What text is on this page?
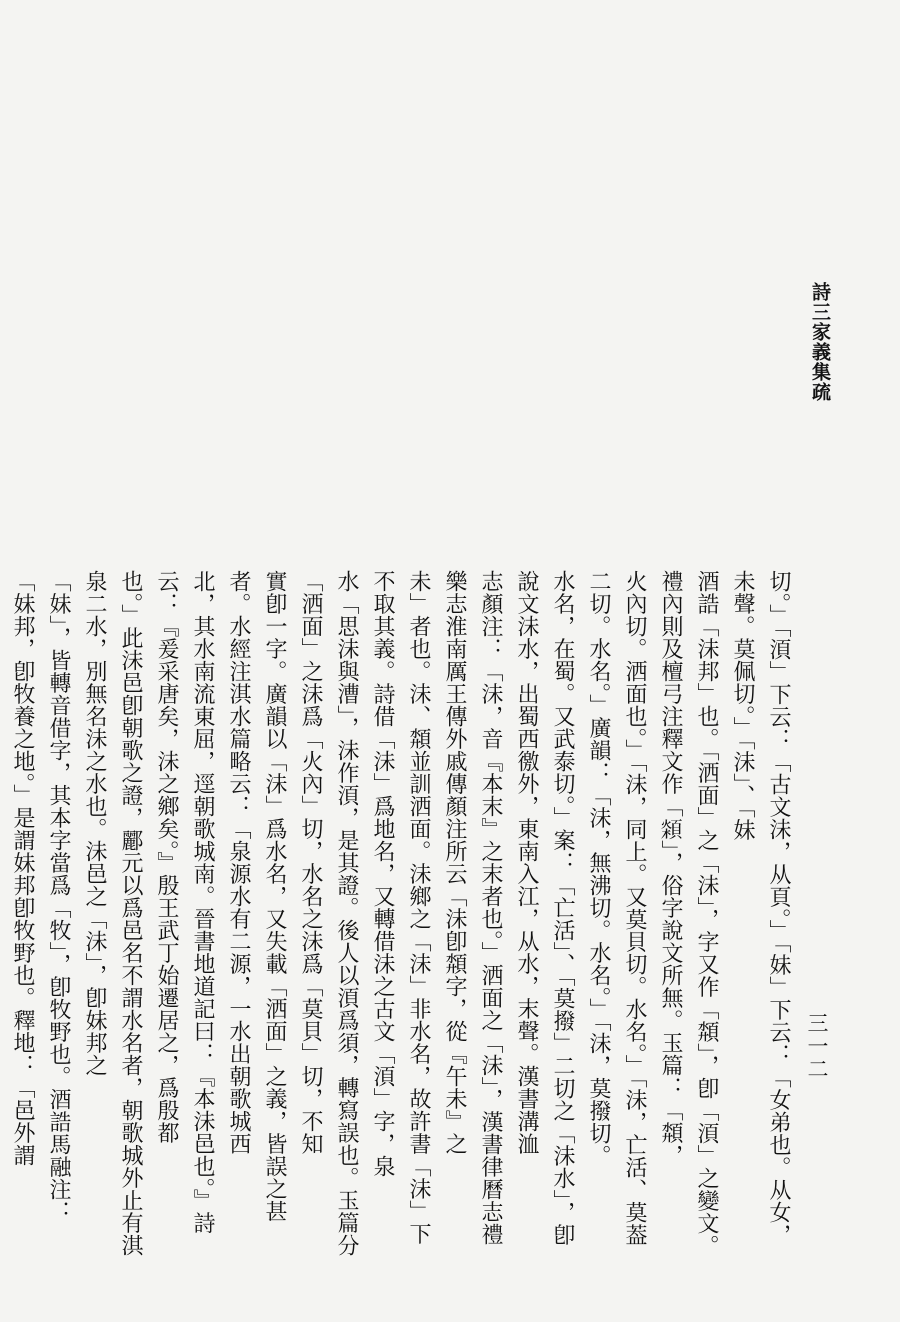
詩三家義集疏
三一二
切。」「湏」下云：「古文沬，从頁。」「妹」下云：「女弟也。从女，未聲。莫佩切。」「沬」、「妹
酒誥「沬邦」也。「洒面」之「沬」，字又作「頮」，卽「湏」之變文。禮內則及檀弓注釋文作「𩓮」，俗字說文所無。玉篇：「頮，
火內切。洒面也。」「沬，同上。又莫貝切。水名。」「沬，亡活、莫葢二切。水名。」廣韻：「沬，無沸切。水名。」「沬，莫撥切。
水名，在蜀。又武泰切。」案：「亡活」、「莫撥」二切之「沬水」，卽說文沬水，出蜀西徼外，東南入江，从水，末聲。漢書溝洫
志顏注：「沬，音『本末』之末者也。」洒面之「沬」，漢書律曆志禮樂志淮南厲王傳外戚傳顏注所云「沬卽頮字，從『午未』之
未」者也。沬、頮並訓洒面。沬鄉之「沬」非水名，故許書「沬」下不取其義。詩借「沬」爲地名，又轉借沬之古文「湏」字，泉
水「思沬與漕」，沬作湏，是其證。後人以湏爲須，轉寫誤也。玉篇分「洒面」之沬爲「火內」切，水名之沬爲「莫貝」切，不知
實卽一字。廣韻以「沬」爲水名，又失載「洒面」之義，皆誤之甚者。水經注淇水篇略云：「泉源水有二源，一水出朝歌城西
北，其水南流東屈，逕朝歌城南。晉書地道記曰：『本沬邑也。』詩云：『爰采唐矣，沬之鄉矣。』殷王武丁始遷居之，爲殷都
也。」此沬邑卽朝歌之證，酈元以爲邑名不謂水名者，朝歌城外止有淇泉二水，別無名沬之水也。沬邑之「沬」，卽妹邦之
「妹」，皆轉音借字，其本字當爲「牧」，卽牧野也。酒誥馬融注：「妹邦，卽牧養之地。」是謂妹邦卽牧野也。釋地：「邑外謂
